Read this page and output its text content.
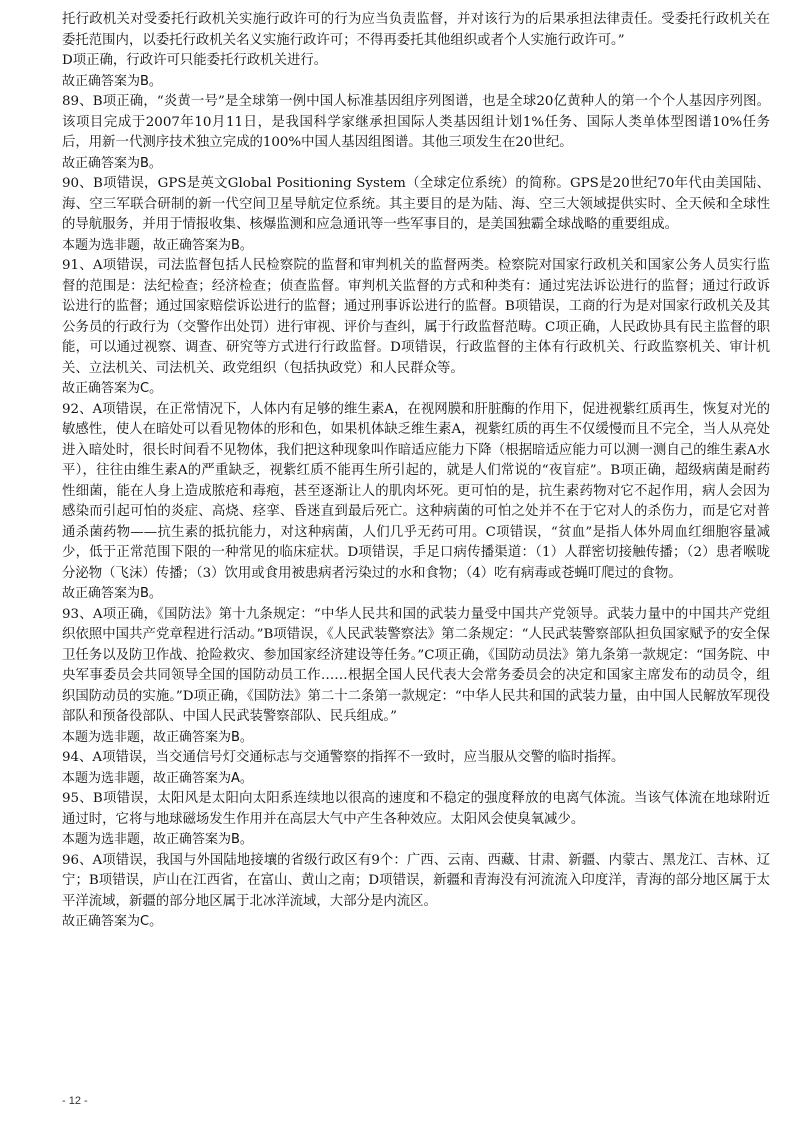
托行政机关对受委托行政机关实施行政许可的行为应当负责监督，并对该行为的后果承担法律责任。受委托行政机关在委托范围内，以委托行政机关名义实施行政许可；不得再委托其他组织或者个人实施行政许可。”

D项正确，行政许可只能委托行政机关进行。

故正确答案为B。

89、B项正确，“炎黄一号”是全球第一例中国人标准基因组序列图谱，也是全球20亿黄种人的第一个个人基因序列图。该项目完成于2007年10月11日，是我国科学家继承担国际人类基因组计划1%任务、国际人类单体型图谱10%任务后，用新一代测序技术独立完成的100%中国人基因组图谱。其他三项发生在20世纪。

故正确答案为B。

90、B项错误，GPS是英文Global Positioning System（全球定位系统）的简称。GPS是20世纪70年代由美国陆、海、空三军联合研制的新一代空间卫星导航定位系统。其主要目的是为陆、海、空三大领域提供实时、全天候和全球性的导航服务，并用于情报收集、核爆监测和应急通讯等一些军事目的，是美国独霸全球战略的重要组成。

本题为选非题，故正确答案为B。

91、A项错误，司法监督包括人民检察院的监督和审判机关的监督两类。检察院对国家行政机关和国家公务人员实行监督的范围是：法纪检查；经济检查；侦查监督。审判机关监督的方式和种类有：通过宪法诉讼进行的监督；通过行政诉讼进行的监督；通过国家赔偿诉讼进行的监督；通过刑事诉讼进行的监督。B项错误，工商的行为是对国家行政机关及其公务员的行政行为（交警作出处罚）进行审视、评价与查纠，属于行政监督范畴。C项正确，人民政协具有民主监督的职能，可以通过视察、调查、研究等方式进行行政监督。D项错误，行政监督的主体有行政机关、行政监察机关、审计机关、立法机关、司法机关、政党组织（包括执政党）和人民群众等。

故正确答案为C。

92、A项错误，在正常情况下，人体内有足够的维生素A，在视网膜和肝脏酶的作用下，促进视紫红质再生，恢复对光的敏感性，使人在暗处可以看见物体的形和色，如果机体缺乏维生素A，视紫红质的再生不仅缓慢而且不完全，当人从亮处进入暗处时，很长时间看不见物体，我们把这种现象叫作暗适应能力下降（根据暗适应能力可以测一测自己的维生素A水平），往往由维生素A的严重缺乏，视紫红质不能再生所引起的，就是人们常说的“夜盲症”。B项正确，超级病菌是耐药性细菌，能在人身上造成脓疮和毒疱，甚至逐渐让人的肌肉坏死。更可怕的是，抗生素药物对它不起作用，病人会因为感染而引起可怕的炎症、高烧、痉挛、昏迷直到最后死亡。这种病菌的可怕之处并不在于它对人的杀伤力，而是它对普通杀菌药物——抗生素的抵抗能力，对这种病菌，人们几乎无药可用。C项错误，“贫血”是指人体外周血红细胞容量减少，低于正常范围下限的一种常见的临床症状。D项错误，手足口病传播渠道：（1）人群密切接触传播；（2）患者喉咙分泌物（飞沫）传播；（3）饮用或食用被患病者污染过的水和食物；（4）吃有病毒或苍蝇叮爬过的食物。

故正确答案为B。

93、A项正确，《国防法》第十九条规定：“中华人民共和国的武装力量受中国共产党领导。武装力量中的中国共产党组织依照中国共产党章程进行活动。”B项错误，《人民武装警察法》第二条规定：“人民武装警察部队担负国家赋予的安全保卫任务以及防卫作战、抢险救灾、参加国家经济建设等任务。”C项正确，《国防动员法》第九条第一款规定：“国务院、中央军事委员会共同领导全国的国防动员工作……根据全国人民代表大会常务委员会的决定和国家主席发布的动员令，组织国防动员的实施。”D项正确，《国防法》第二十二条第一款规定：“中华人民共和国的武装力量，由中国人民解放军现役部队和预备役部队、中国人民武装警察部队、民兵组成。”

本题为选非题，故正确答案为B。

94、A项错误，当交通信号灯交通标志与交通警察的指挥不一致时，应当服从交警的临时指挥。

本题为选非题，故正确答案为A。

95、B项错误，太阳风是太阳向太阳系连续地以很高的速度和不稳定的强度释放的电离气体流。当该气体流在地球附近通过时，它将与地球磁场发生作用并在高层大气中产生各种效应。太阳风会使臭氧减少。

本题为选非题，故正确答案为B。

96、A项错误，我国与外国陆地接壤的省级行政区有9个：广西、云南、西藏、甘肃、新疆、内蒙古、黑龙江、吉林、辽宁；B项错误，庐山在江西省，在富山、黄山之南；D项错误，新疆和青海没有河流流入印度洋，青海的部分地区属于太平洋流域，新疆的部分地区属于北冰洋流域，大部分是内流区。

故正确答案为C。

- 12 -
